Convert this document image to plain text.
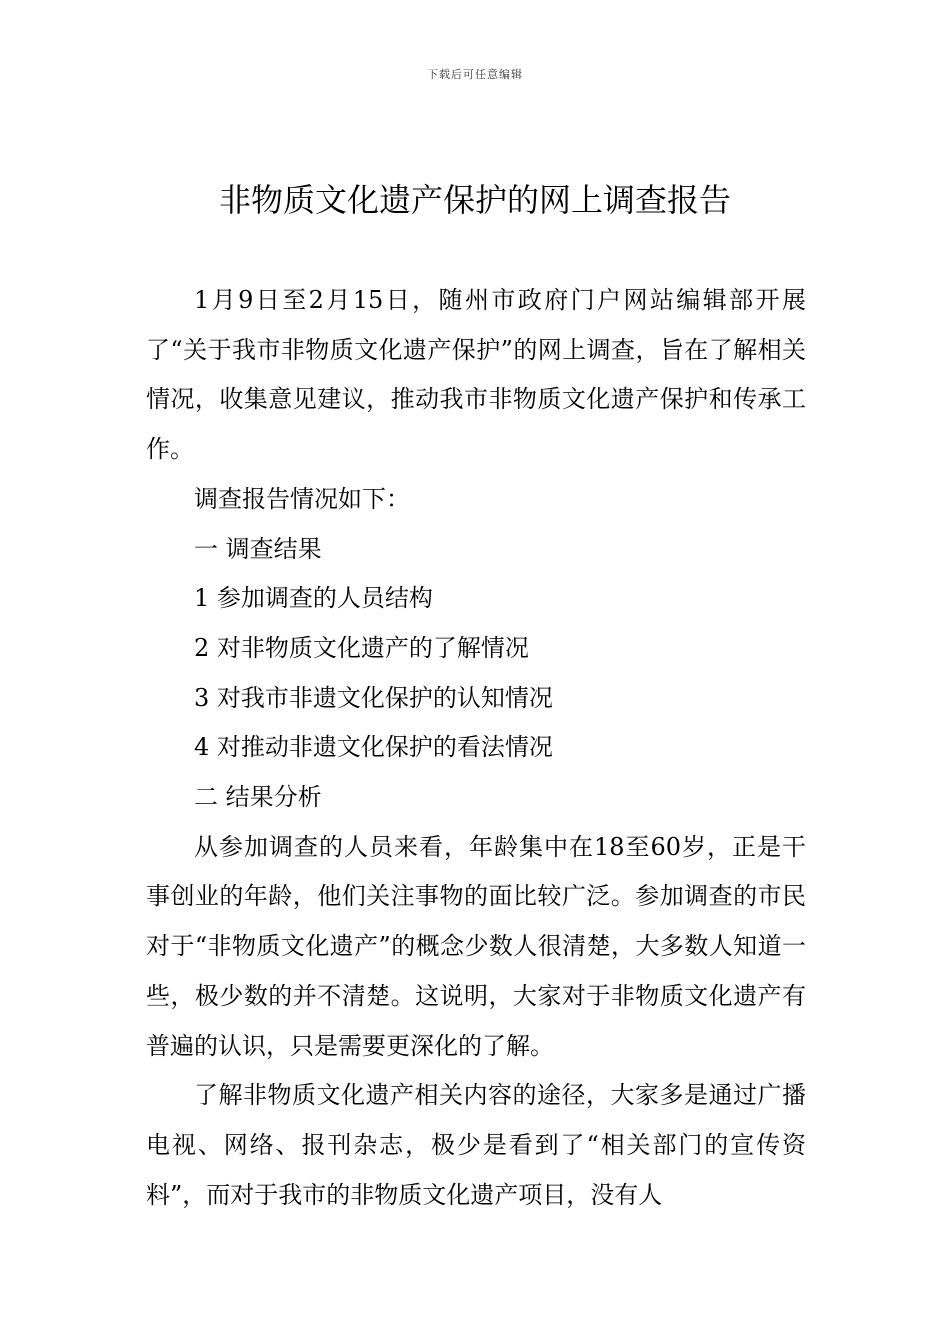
下载后可任意编辑
非物质文化遗产保护的网上调查报告

1月9日至2月15日，随州市政府门户网站编辑部开展了“关于我市非物质文化遗产保护”的网上调查，旨在了解相关情况，收集意见建议，推动我市非物质文化遗产保护和传承工作。

调查报告情况如下：

一 调查结果

1 参加调查的人员结构

2 对非物质文化遗产的了解情况

3 对我市非遗文化保护的认知情况

4 对推动非遗文化保护的看法情况

二 结果分析

从参加调查的人员来看，年龄集中在18至60岁，正是干事创业的年龄，他们关注事物的面比较广泛。参加调查的市民对于“非物质文化遗产”的概念少数人很清楚，大多数人知道一些，极少数的并不清楚。这说明，大家对于非物质文化遗产有普遍的认识，只是需要更深化的了解。

了解非物质文化遗产相关内容的途径，大家多是通过广播电视、网络、报刊杂志，极少是看到了“相关部门的宣传资料”，而对于我市的非物质文化遗产项目，没有人
